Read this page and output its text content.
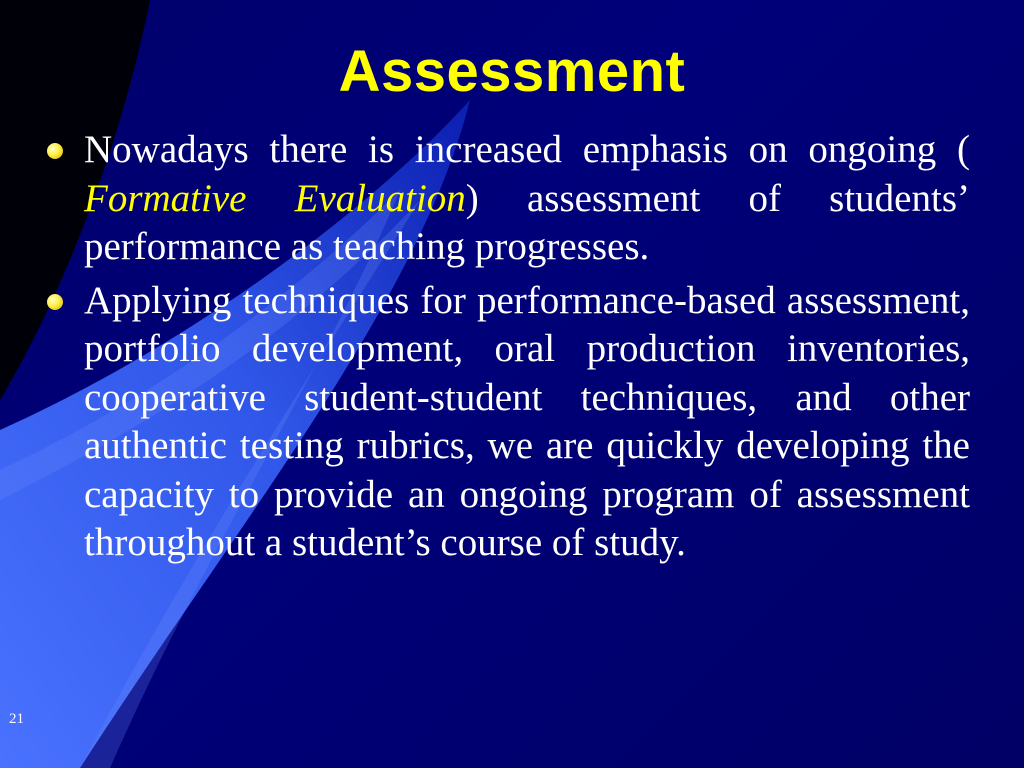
Assessment
Nowadays there is increased emphasis on ongoing ( Formative Evaluation) assessment of students’ performance as teaching progresses.
Applying techniques for performance-based assessment, portfolio development, oral production inventories, cooperative student-student techniques, and other authentic testing rubrics, we are quickly developing the capacity to provide an ongoing program of assessment throughout a student’s course of study.
21
